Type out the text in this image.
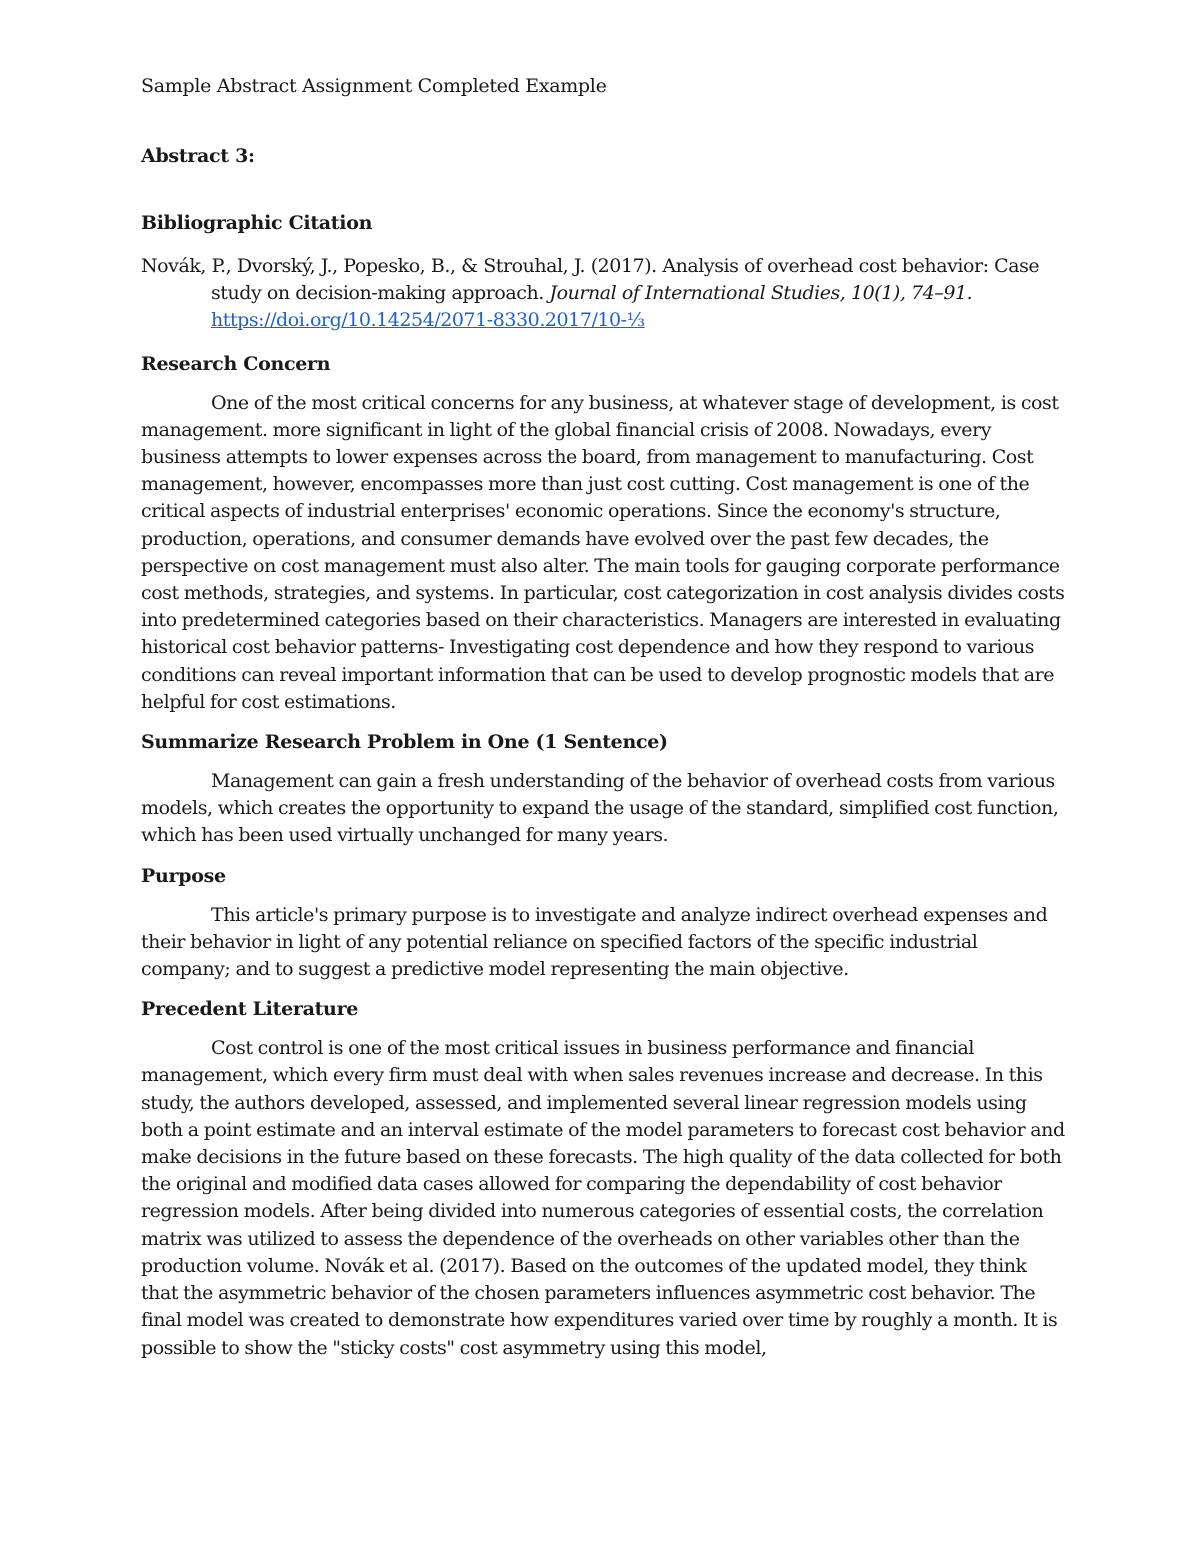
Sample Abstract Assignment Completed Example

Abstract 3:

Bibliographic Citation

Novák, P., Dvorský, J., Popesko, B., & Strouhal, J. (2017). Analysis of overhead cost behavior: Case study on decision-making approach. Journal of International Studies, 10(1), 74–91. https://doi.org/10.14254/2071-8330.2017/10-⅓

Research Concern

One of the most critical concerns for any business, at whatever stage of development, is cost management. more significant in light of the global financial crisis of 2008. Nowadays, every business attempts to lower expenses across the board, from management to manufacturing. Cost management, however, encompasses more than just cost cutting. Cost management is one of the critical aspects of industrial enterprises' economic operations. Since the economy's structure, production, operations, and consumer demands have evolved over the past few decades, the perspective on cost management must also alter. The main tools for gauging corporate performance cost methods, strategies, and systems. In particular, cost categorization in cost analysis divides costs into predetermined categories based on their characteristics. Managers are interested in evaluating historical cost behavior patterns- Investigating cost dependence and how they respond to various conditions can reveal important information that can be used to develop prognostic models that are helpful for cost estimations.

Summarize Research Problem in One (1 Sentence)

Management can gain a fresh understanding of the behavior of overhead costs from various models, which creates the opportunity to expand the usage of the standard, simplified cost function, which has been used virtually unchanged for many years.

Purpose

This article's primary purpose is to investigate and analyze indirect overhead expenses and their behavior in light of any potential reliance on specified factors of the specific industrial company; and to suggest a predictive model representing the main objective.

Precedent Literature

Cost control is one of the most critical issues in business performance and financial management, which every firm must deal with when sales revenues increase and decrease. In this study, the authors developed, assessed, and implemented several linear regression models using both a point estimate and an interval estimate of the model parameters to forecast cost behavior and make decisions in the future based on these forecasts. The high quality of the data collected for both the original and modified data cases allowed for comparing the dependability of cost behavior regression models. After being divided into numerous categories of essential costs, the correlation matrix was utilized to assess the dependence of the overheads on other variables other than the production volume. Novák et al. (2017). Based on the outcomes of the updated model, they think that the asymmetric behavior of the chosen parameters influences asymmetric cost behavior. The final model was created to demonstrate how expenditures varied over time by roughly a month. It is possible to show the "sticky costs" cost asymmetry using this model,
